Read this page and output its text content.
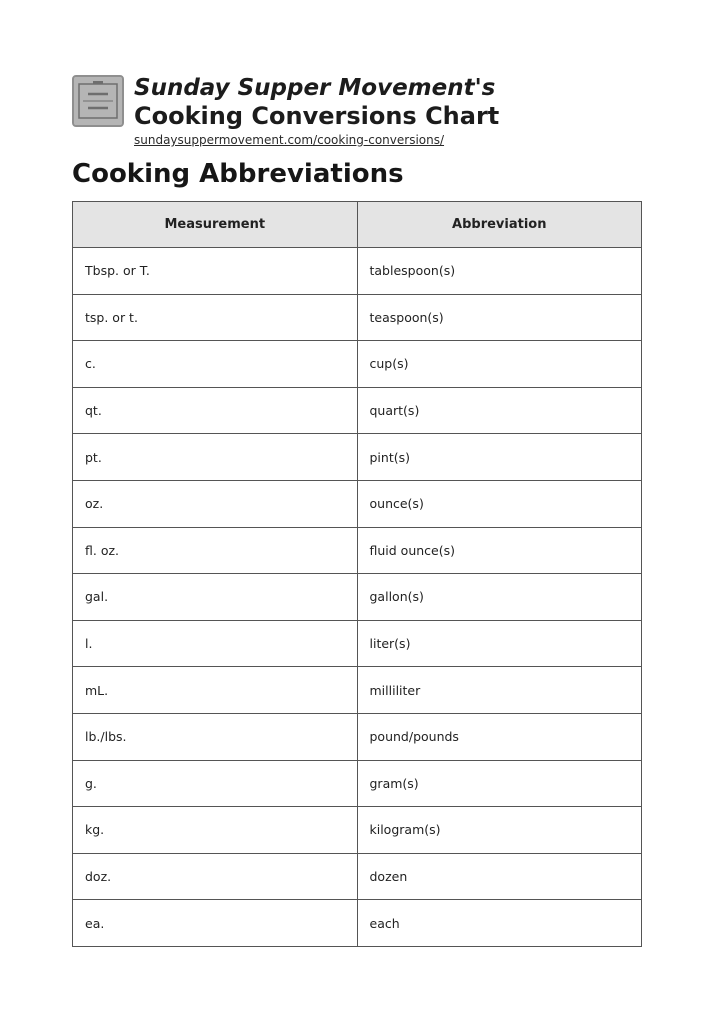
Sunday Supper Movement's
Cooking Conversions Chart
sundaysuppermovement.com/cooking-conversions/
Cooking Abbreviations
Measurement	Abbreviation
Tbsp. or T.	tablespoon(s)
tsp. or t.	teaspoon(s)
c.	cup(s)
qt.	quart(s)
pt.	pint(s)
oz.	ounce(s)
fl. oz.	fluid ounce(s)
gal.	gallon(s)
l.	liter(s)
mL.	milliliter
lb./lbs.	pound/pounds
g.	gram(s)
kg.	kilogram(s)
doz.	dozen
ea.	each
